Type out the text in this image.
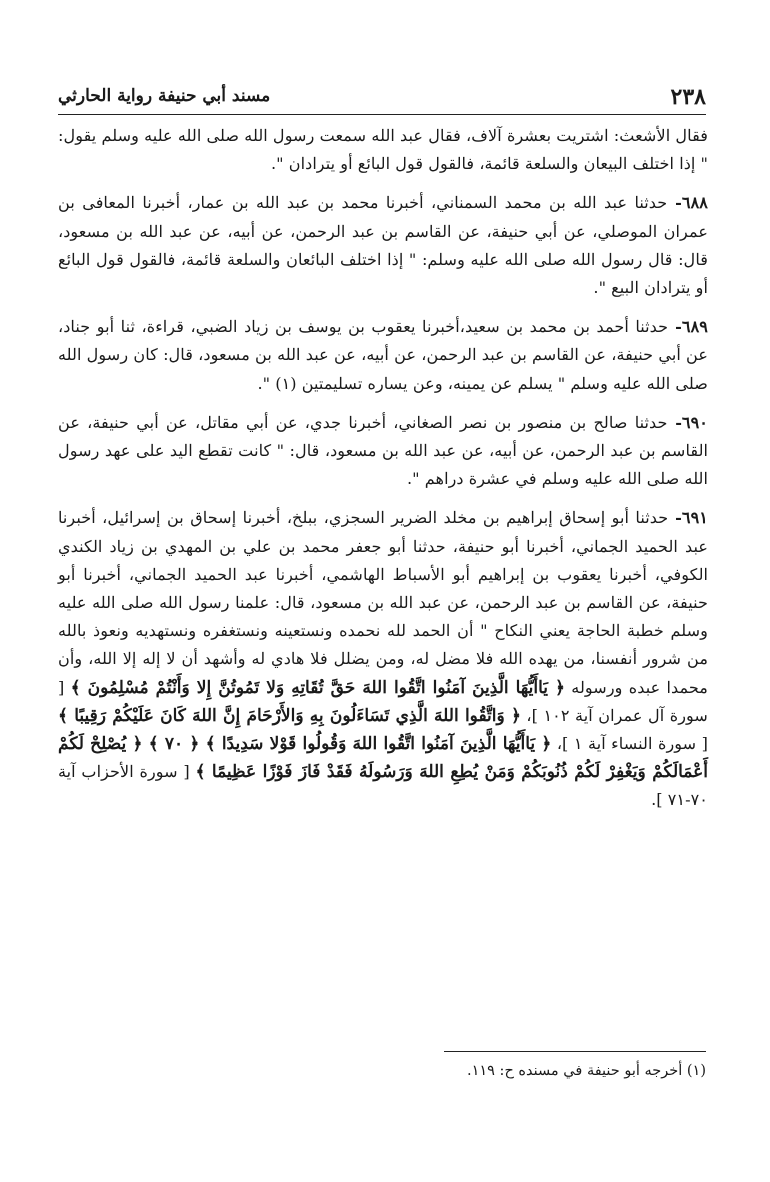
٢٣٨
مسند أبي حنيفة رواية الحارثي

فقال الأشعث: اشتريت بعشرة آلاف، فقال عبد الله سمعت رسول الله صلى الله عليه وسلم يقول: " إذا اختلف البيعان والسلعة قائمة، فالقول قول البائع أو يترادان ".

٦٨٨- حدثنا عبد الله بن محمد السمناني، أخبرنا محمد بن عبد الله بن عمار، أخبرنا المعافى بن عمران الموصلي، عن أبي حنيفة، عن القاسم بن عبد الرحمن، عن أبيه، عن عبد الله بن مسعود، قال: قال رسول الله صلى الله عليه وسلم: " إذا اختلف البائعان والسلعة قائمة، فالقول قول البائع أو يترادان البيع ".

٦٨٩- حدثنا أحمد بن محمد بن سعيد،أخبرنا يعقوب بن يوسف بن زياد الضبي، قراءة، ثنا أبو جناد، عن أبي حنيفة، عن القاسم بن عبد الرحمن، عن أبيه، عن عبد الله بن مسعود، قال: كان رسول الله صلى الله عليه وسلم " يسلم عن يمينه، وعن يساره تسليمتين (١) ".

٦٩٠- حدثنا صالح بن منصور بن نصر الصغاني، أخبرنا جدي، عن أبي مقاتل، عن أبي حنيفة، عن القاسم بن عبد الرحمن، عن أبيه، عن عبد الله بن مسعود، قال: " كانت تقطع اليد على عهد رسول الله صلى الله عليه وسلم في عشرة دراهم ".

٦٩١- حدثنا أبو إسحاق إبراهيم بن مخلد الضرير السجزي، ببلخ، أخبرنا إسحاق بن إسرائيل، أخبرنا عبد الحميد الجماني، أخبرنا أبو حنيفة، حدثنا أبو جعفر محمد بن علي بن المهدي بن زياد الكندي الكوفي، أخبرنا يعقوب بن إبراهيم أبو الأسباط الهاشمي، أخبرنا عبد الحميد الجماني، أخبرنا أبو حنيفة، عن القاسم بن عبد الرحمن، عن عبد الله بن مسعود، قال: علمنا رسول الله صلى الله عليه وسلم خطبة الحاجة يعني النكاح " أن الحمد لله نحمده ونستعينه ونستغفره ونستهديه ونعوذ بالله من شرور أنفسنا، من يهده الله فلا مضل له، ومن يضلل فلا هادي له وأشهد أن لا إله إلا الله، وأن محمدا عبده ورسوله ﴿ يَاأَيُّهَا الَّذِينَ آمَنُوا اتَّقُوا اللهَ حَقَّ تُقَاتِهِ وَلا تَمُوتُنَّ إِلا وَأَنْتُمْ مُسْلِمُونَ ﴾ [ سورة آل عمران آية ١٠٢ ]، ﴿ وَاتَّقُوا اللهَ الَّذِي تَسَاءَلُونَ بِهِ وَالأَرْحَامَ إِنَّ اللهَ كَانَ عَلَيْكُمْ رَقِيبًا ﴾ [ سورة النساء آية ١ ]، ﴿ يَاأَيُّهَا الَّذِينَ آمَنُوا اتَّقُوا اللهَ وَقُولُوا قَوْلا سَدِيدًا ﴾ ﴿ ٧٠ ﴾ ﴿ يُصْلِحْ لَكُمْ أَعْمَالَكُمْ وَيَغْفِرْ لَكُمْ ذُنُوبَكُمْ وَمَنْ يُطِعِ اللهَ وَرَسُولَهُ فَقَدْ فَازَ فَوْزًا عَظِيمًا ﴾ [ سورة الأحزاب آية ٧٠-٧١ ].

(١) أخرجه أبو حنيفة في مسنده ح: ١١٩.
